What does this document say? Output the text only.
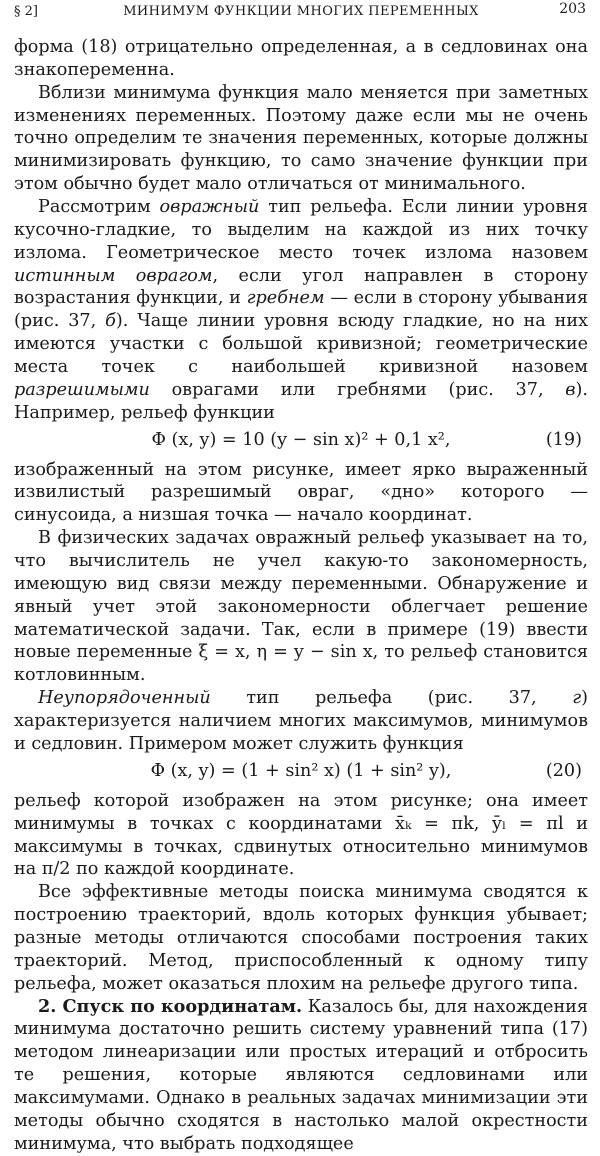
§ 2]	МИНИМУМ ФУНКЦИИ МНОГИХ ПЕРЕМЕННЫХ	203

форма (18) отрицательно определенная, а в седловинах она знакопеременна.

Вблизи минимума функция мало меняется при заметных изменениях переменных. Поэтому даже если мы не очень точно определим те значения переменных, которые должны минимизировать функцию, то само значение функции при этом обычно будет мало отличаться от минимального.

Рассмотрим овражный тип рельефа. Если линии уровня кусочно-гладкие, то выделим на каждой из них точку излома. Геометрическое место точек излома назовем истинным оврагом, если угол направлен в сторону возрастания функции, и гребнем — если в сторону убывания (рис. 37, б). Чаще линии уровня всюду гладкие, но на них имеются участки с большой кривизной; геометрические места точек с наибольшей кривизной назовем разрешимыми оврагами или гребнями (рис. 37, в). Например, рельеф функции

Φ (x, y) = 10 (y − sin x)² + 0,1 x²,	(19)

изображенный на этом рисунке, имеет ярко выраженный извилистый разрешимый овраг, «дно» которого — синусоида, а низшая точка — начало координат.

В физических задачах овражный рельеф указывает на то, что вычислитель не учел какую-то закономерность, имеющую вид связи между переменными. Обнаружение и явный учет этой закономерности облегчает решение математической задачи. Так, если в примере (19) ввести новые переменные ξ = x, η = y − sin x, то рельеф становится котловинным.

Неупорядоченный тип рельефа (рис. 37, г) характеризуется наличием многих максимумов, минимумов и седловин. Примером может служить функция

Φ (x, y) = (1 + sin² x) (1 + sin² y),	(20)

рельеф которой изображен на этом рисунке; она имеет минимумы в точках с координатами x̄ₖ = πk, ȳₗ = πl и максимумы в точках, сдвинутых относительно минимумов на π/2 по каждой координате.

Все эффективные методы поиска минимума сводятся к построению траекторий, вдоль которых функция убывает; разные методы отличаются способами построения таких траекторий. Метод, приспособленный к одному типу рельефа, может оказаться плохим на рельефе другого типа.

2. Спуск по координатам. Казалось бы, для нахождения минимума достаточно решить систему уравнений типа (17) методом линеаризации или простых итераций и отбросить те решения, которые являются седловинами или максимумами. Однако в реальных задачах минимизации эти методы обычно сходятся в настолько малой окрестности минимума, что выбрать подходящее
